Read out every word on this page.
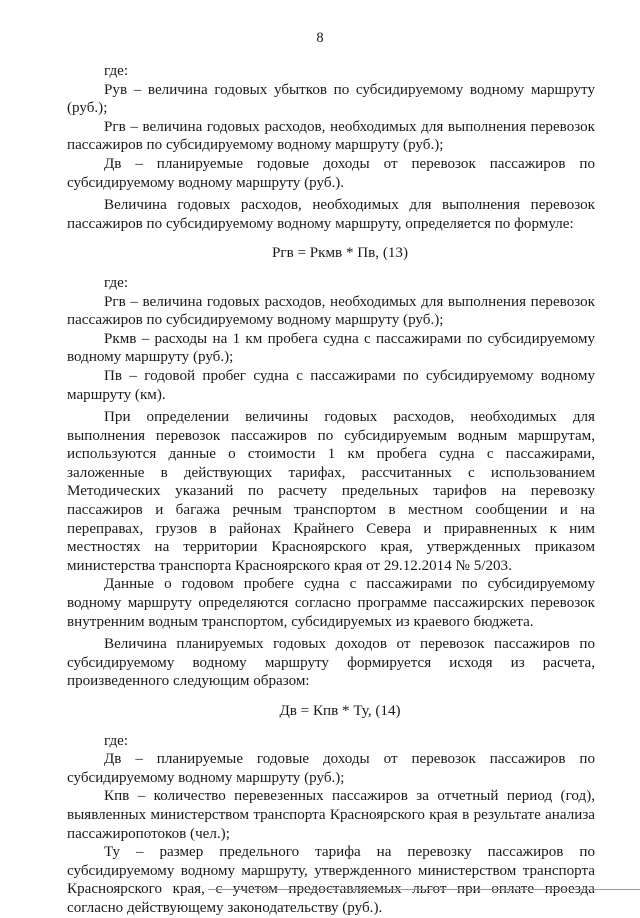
8

где:

Рув – величина годовых убытков по субсидируемому водному маршруту (руб.);

Ргв – величина годовых расходов, необходимых для выполнения перевозок пассажиров по субсидируемому водному маршруту (руб.);

Дв – планируемые годовые доходы от перевозок пассажиров по субсидируемому водному маршруту (руб.).

Величина годовых расходов, необходимых для выполнения перевозок пассажиров по субсидируемому водному маршруту, определяется по формуле:

Ргв = Ркмв * Пв, (13)

где:

Ргв – величина годовых расходов, необходимых для выполнения перевозок пассажиров по субсидируемому водному маршруту (руб.);

Ркмв – расходы на 1 км пробега судна с пассажирами по субсидируемому водному маршруту (руб.);

Пв – годовой пробег судна с пассажирами по субсидируемому водному маршруту (км).

При определении величины годовых расходов, необходимых для выполнения перевозок пассажиров по субсидируемым водным маршрутам, используются данные о стоимости 1 км пробега судна с пассажирами, заложенные в действующих тарифах, рассчитанных с использованием Методических указаний по расчету предельных тарифов на перевозку пассажиров и багажа речным транспортом в местном сообщении и на переправах, грузов в районах Крайнего Севера и приравненных к ним местностях на территории Красноярского края, утвержденных приказом министерства транспорта Красноярского края от 29.12.2014 № 5/203.

Данные о годовом пробеге судна с пассажирами по субсидируемому водному маршруту определяются согласно программе пассажирских перевозок внутренним водным транспортом, субсидируемых из краевого бюджета.

Величина планируемых годовых доходов от перевозок пассажиров по субсидируемому водному маршруту формируется исходя из расчета, произведенного следующим образом:

Дв = Кпв * Ту, (14)

где:

Дв – планируемые годовые доходы от перевозок пассажиров по субсидируемому водному маршруту (руб.);

Кпв – количество перевезенных пассажиров за отчетный период (год), выявленных министерством транспорта Красноярского края в результате анализа пассажиропотоков (чел.);

Ту – размер предельного тарифа на перевозку пассажиров по субсидируемому водному маршруту, утвержденного министерством транспорта Красноярского края, с учетом предоставляемых льгот при оплате проезда согласно действующему законодательству (руб.).
